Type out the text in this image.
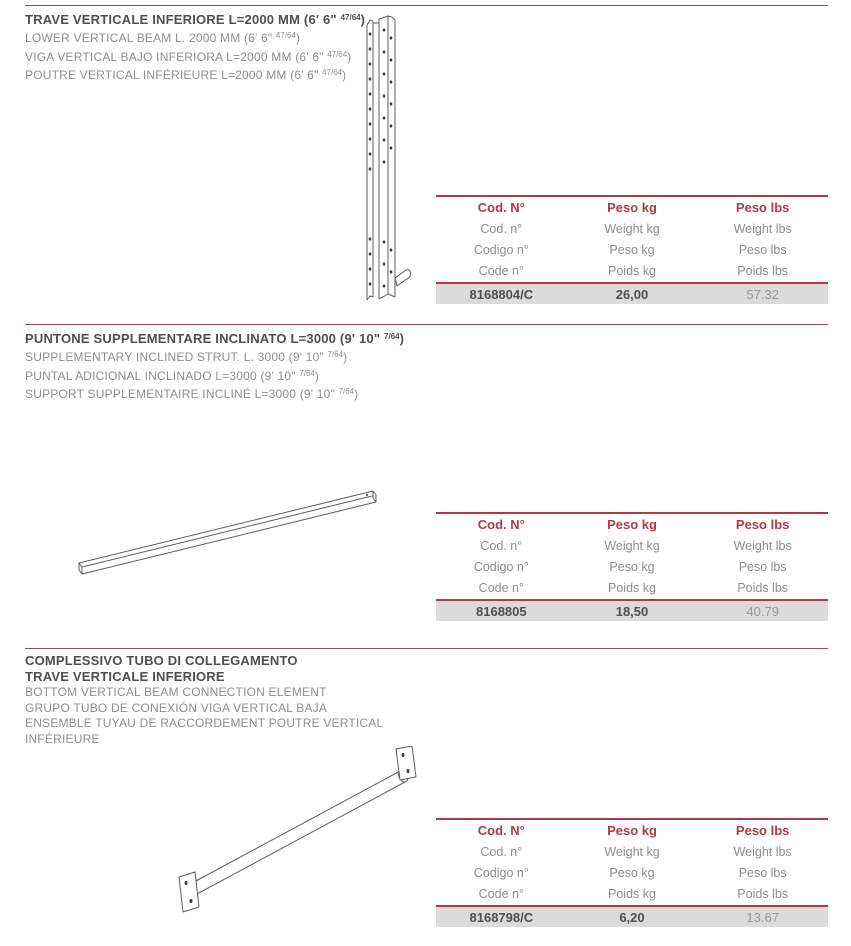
TRAVE VERTICALE INFERIORE L=2000 MM (6' 6" $^{47/64}$)
LOWER VERTICAL BEAM L. 2000 MM (6' 6" $^{47/64}$)
VIGA VERTICAL BAJO INFERIORA L=2000 MM (6' 6" $^{47/64}$)
POUTRE VERTICAL INFÉRIEURE L=2000 MM (6' 6" $^{47/64}$)
Cod. N°	Peso kg	Peso lbs
Cod. n°	Weight kg	Weight lbs
Codigo n°	Peso kg	Peso lbs
Code n°	Poids kg	Poids lbs
8168804/C	26,00	57.32
PUNTONE SUPPLEMENTARE INCLINATO L=3000 (9' 10" $^{7/64}$)
SUPPLEMENTARY INCLINED STRUT. L. 3000 (9' 10" $^{7/64}$)
PUNTAL ADICIONAL INCLINADO L=3000 (9' 10" $^{7/64}$)
SUPPORT SUPPLEMENTAIRE INCLINÉ L=3000 (9' 10" $^{7/64}$)
Cod. N°	Peso kg	Peso lbs
Cod. n°	Weight kg	Weight lbs
Codigo n°	Peso kg	Peso lbs
Code n°	Poids kg	Poids lbs
8168805	18,50	40.79
COMPLESSIVO TUBO DI COLLEGAMENTO
TRAVE VERTICALE INFERIORE
BOTTOM VERTICAL BEAM CONNECTION ELEMENT
GRUPO TUBO DE CONEXIÓN VIGA VERTICAL BAJA
ENSEMBLE TUYAU DE RACCORDEMENT POUTRE VERTICAL INFÉRIEURE
Cod. N°	Peso kg	Peso lbs
Cod. n°	Weight kg	Weight lbs
Codigo n°	Peso kg	Peso lbs
Code n°	Poids kg	Poids lbs
8168798/C	6,20	13.67
